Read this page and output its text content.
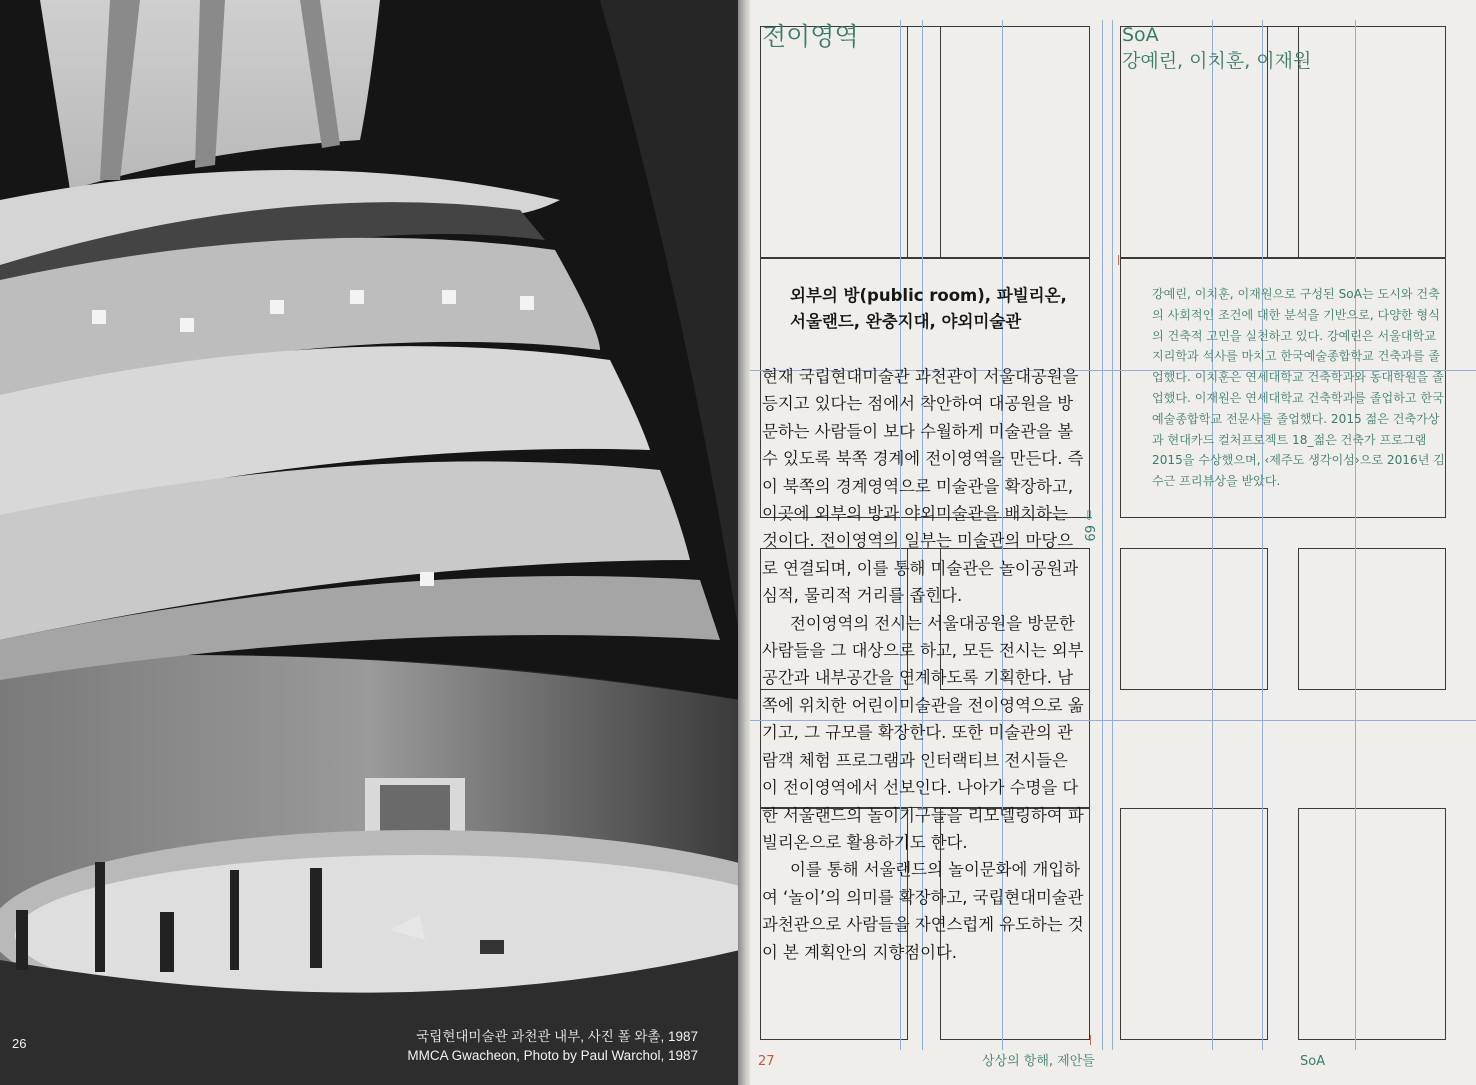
26	국립현대미술관 과천관 내부, 사진 폴 와촐, 1987
MMCA Gwacheon, Photo by Paul Warchol, 1987
전이영역	SoA
강예린, 이치훈, 이재원
외부의 방(public room), 파빌리온,
서울랜드, 완충지대, 야외미술관

현재 국립현대미술관 과천관이 서울대공원을 등지고 있다는 점에서 착안하여 대공원을 방문하는 사람들이 보다 수월하게 미술관을 볼 수 있도록 북쪽 경계에 전이영역을 만든다. 즉 이 북쪽의 경계영역으로 미술관을 확장하고, 이곳에 외부의 방과 야외미술관을 배치하는 것이다. 전이영역의 일부는 미술관의 마당으로 연결되며, 이를 통해 미술관은 놀이공원과 심적, 물리적 거리를 좁힌다.

전이영역의 전시는 서울대공원을 방문한 사람들을 그 대상으로 하고, 모든 전시는 외부공간과 내부공간을 연계하도록 기획한다. 남쪽에 위치한 어린이미술관을 전이영역으로 옮기고, 그 규모를 확장한다. 또한 미술관의 관람객 체험 프로그램과 인터랙티브 전시들은 이 전이영역에서 선보인다. 나아가 수명을 다한 서울랜드의 놀이기구들을 리모델링하여 파빌리온으로 활용하기도 한다.

이를 통해 서울랜드의 놀이문화에 개입하여 ‘놀이’의 의미를 확장하고, 국립현대미술관 과천관으로 사람들을 자연스럽게 유도하는 것이 본 계획안의 지향점이다.

강예린, 이치훈, 이재원으로 구성된 SoA는 도시와 건축의 사회적인 조건에 대한 분석을 기반으로, 다양한 형식의 건축적 고민을 실천하고 있다. 강예린은 서울대학교 지리학과 석사를 마치고 한국예술종합학교 건축과를 졸업했다. 이치훈은 연세대학교 건축학과와 동대학원을 졸업했다. 이재원은 연세대학교 건축학과를 졸업하고 한국예술종합학교 전문사를 졸업했다. 2015 젊은 건축가상과 현대카드 컬처프로젝트 18_젊은 건축가 프로그램 2015을 수상했으며, ‹제주도 생각이섬›으로 2016년 김수근 프리뷰상을 받았다.
⇨ 69
27	상상의 항해, 제안들	SoA
